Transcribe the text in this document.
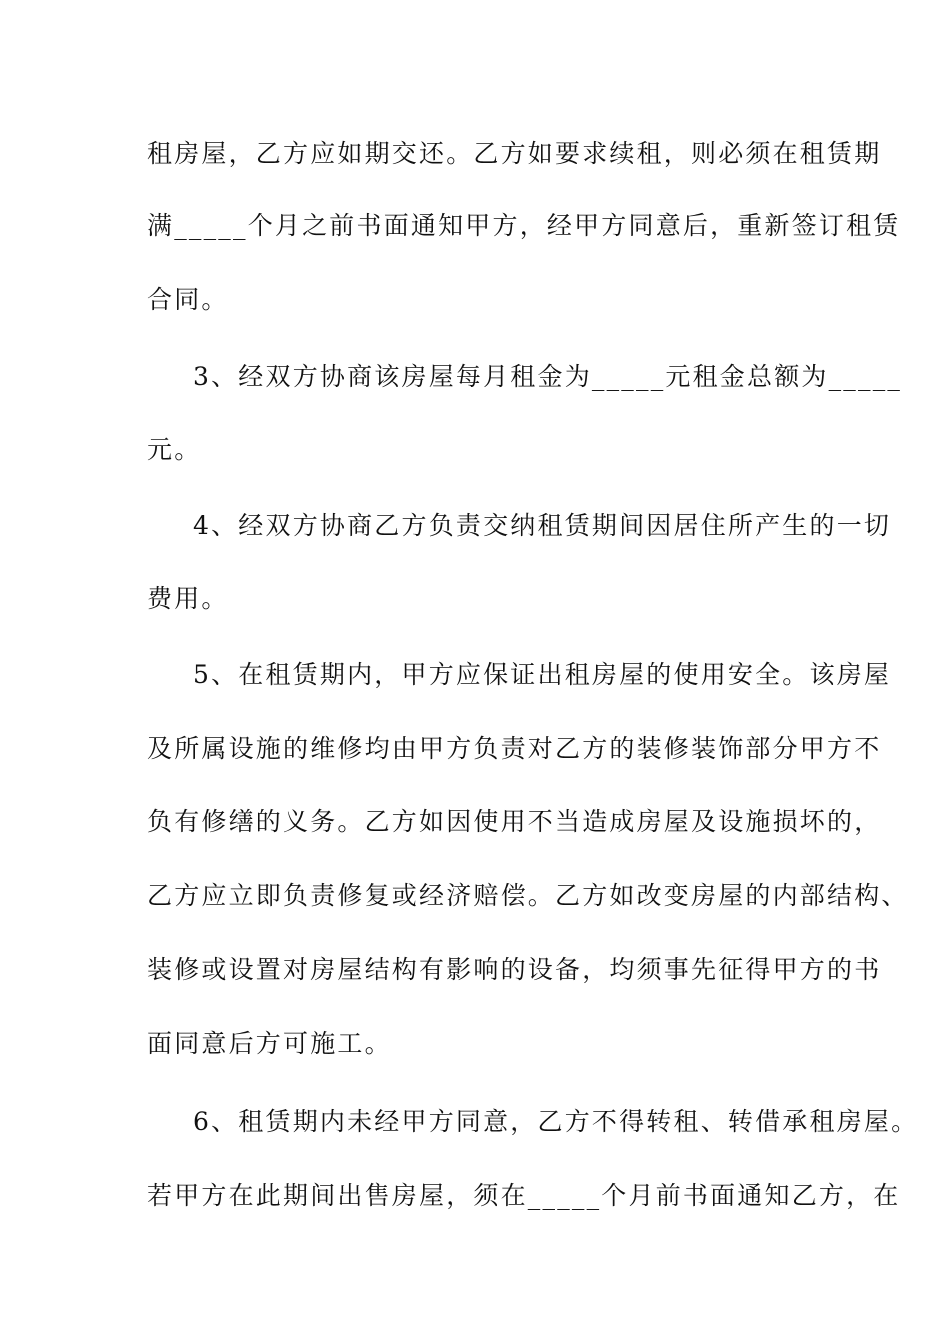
租房屋，乙方应如期交还。乙方如要求续租，则必须在租赁期
满_____个月之前书面通知甲方，经甲方同意后，重新签订租赁
合同。
3、经双方协商该房屋每月租金为_____元租金总额为_____
元。
4、经双方协商乙方负责交纳租赁期间因居住所产生的一切
费用。
5、在租赁期内，甲方应保证出租房屋的使用安全。该房屋
及所属设施的维修均由甲方负责对乙方的装修装饰部分甲方不
负有修缮的义务。乙方如因使用不当造成房屋及设施损坏的，
乙方应立即负责修复或经济赔偿。乙方如改变房屋的内部结构、
装修或设置对房屋结构有影响的设备，均须事先征得甲方的书
面同意后方可施工。
6、租赁期内未经甲方同意，乙方不得转租、转借承租房屋。
若甲方在此期间出售房屋，须在_____个月前书面通知乙方，在
